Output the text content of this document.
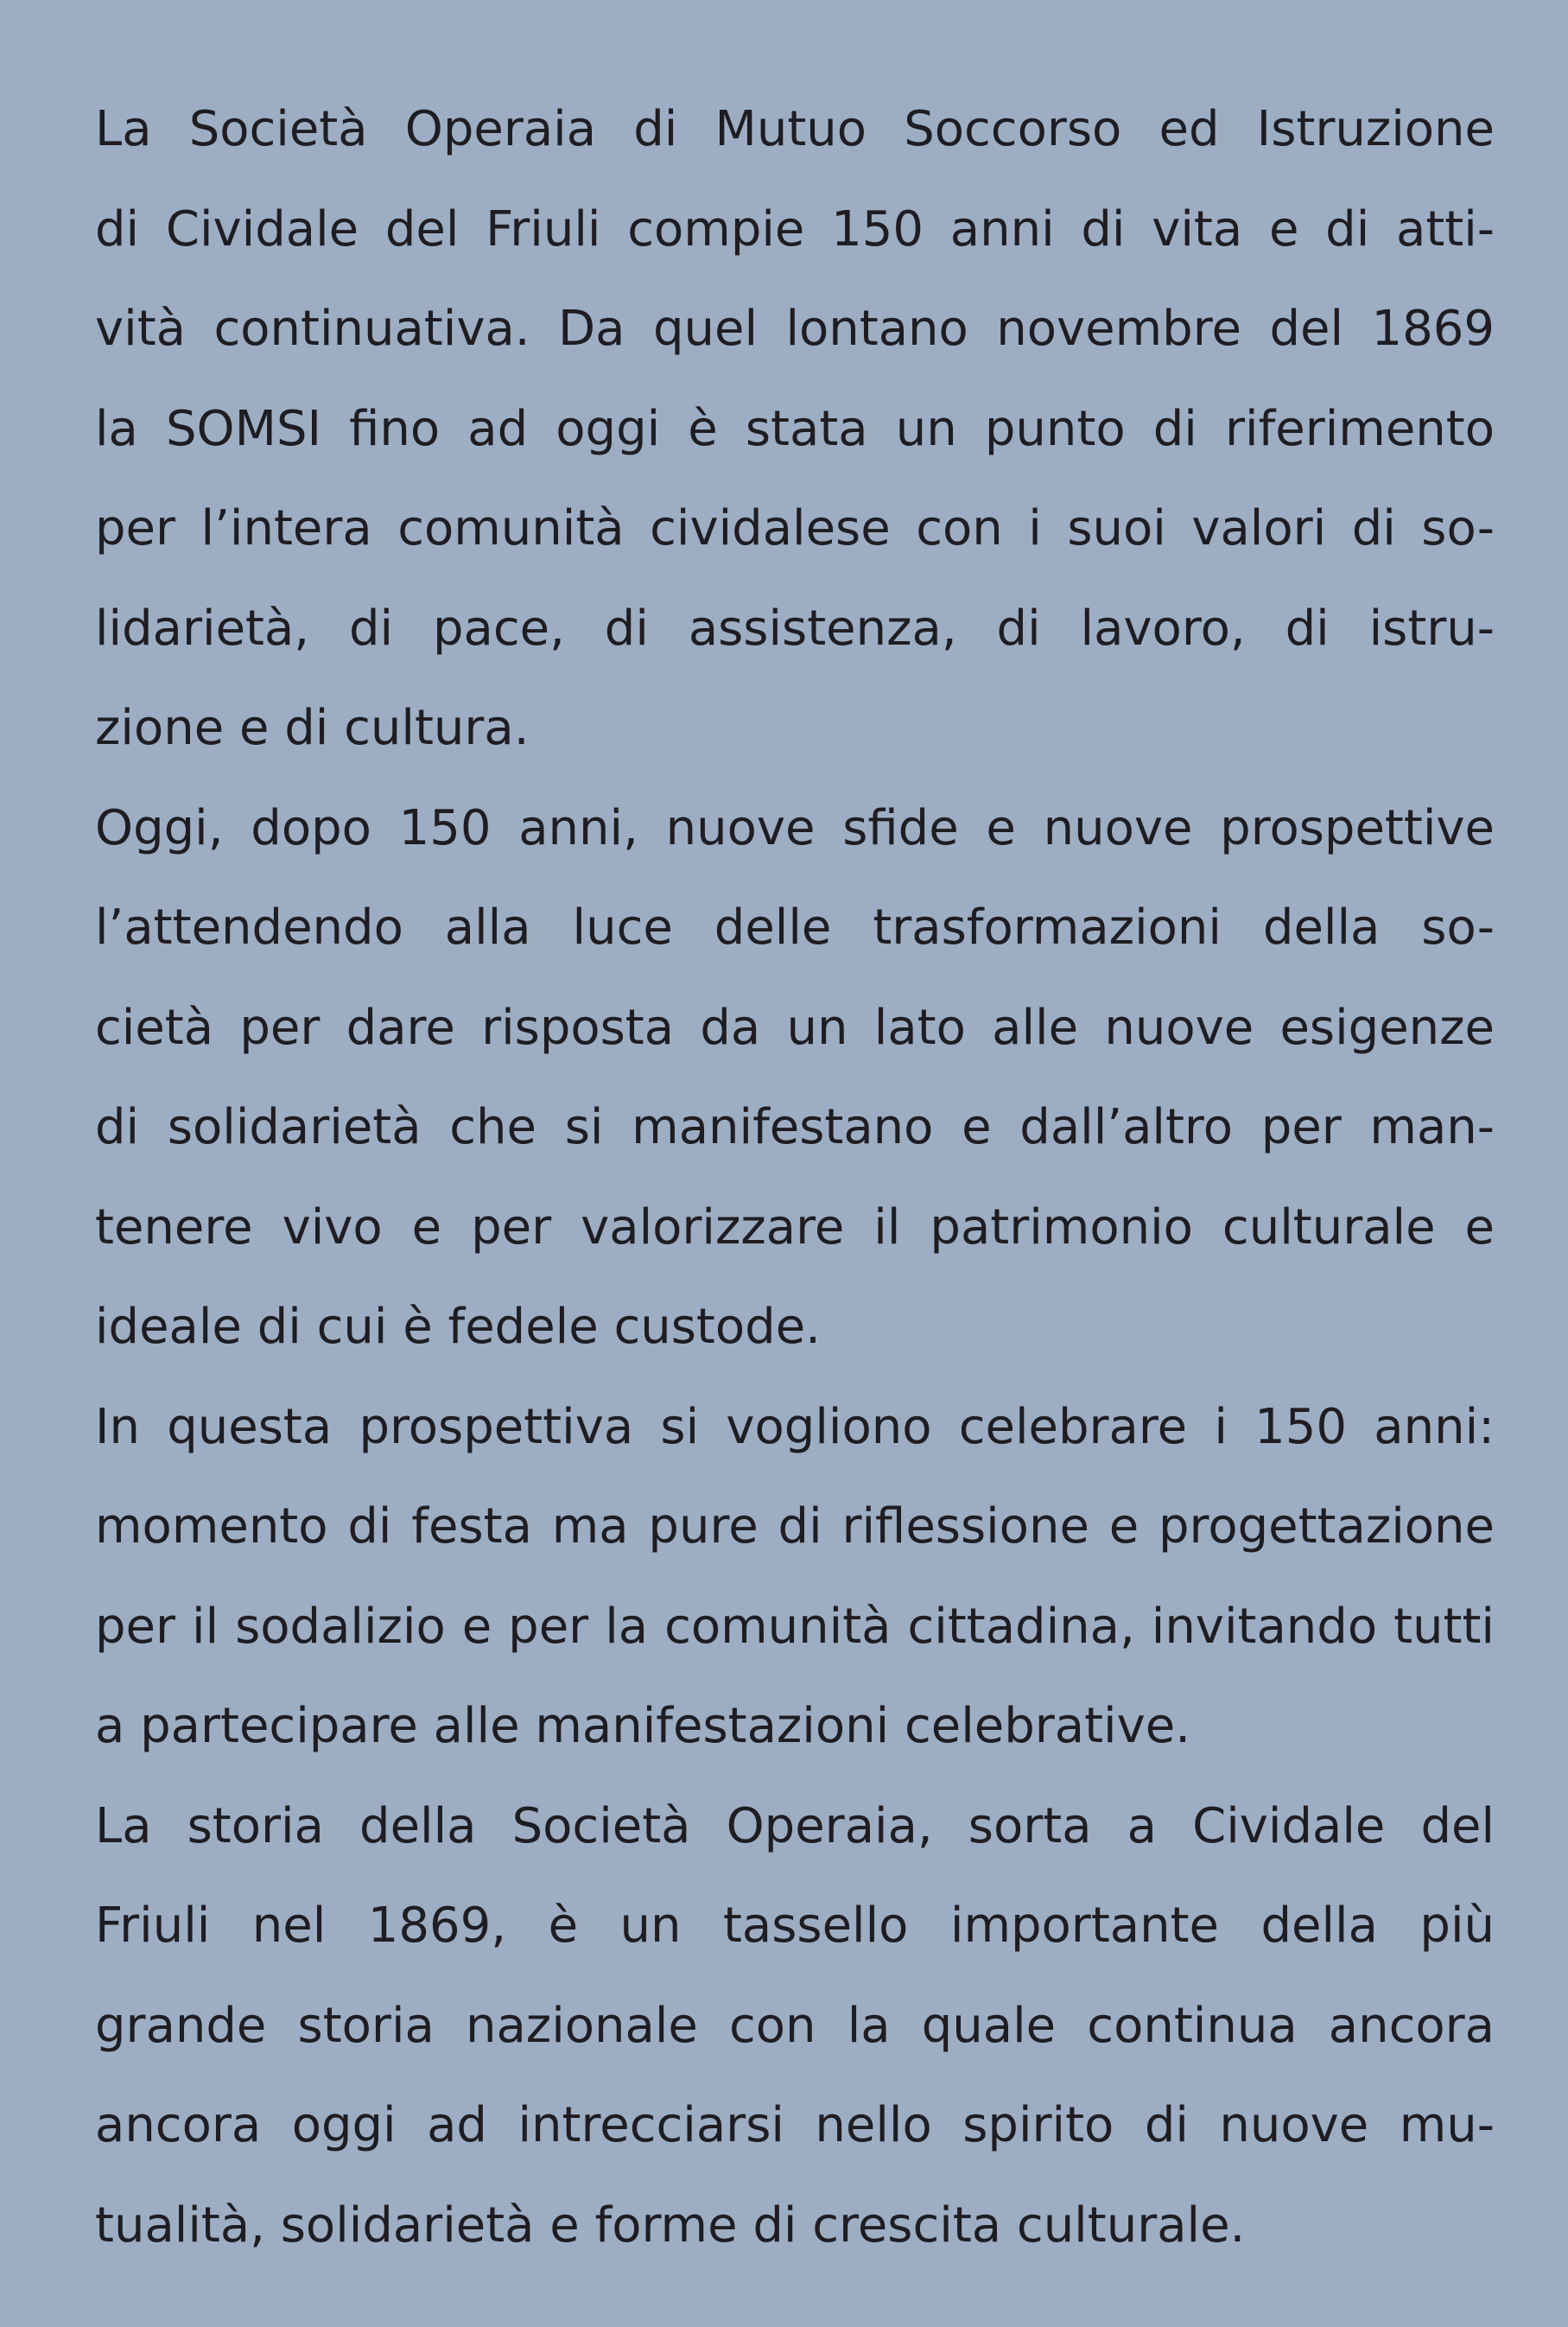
La Società Operaia di Mutuo Soccorso ed Istruzione
di Cividale del Friuli compie 150 anni di vita e di atti-
vità continuativa. Da quel lontano novembre del 1869
la SOMSI fino ad oggi è stata un punto di riferimento
per l’intera comunità cividalese con i suoi valori di so-
lidarietà, di pace, di assistenza, di lavoro, di istru-
zione e di cultura.
Oggi, dopo 150 anni, nuove sfide e nuove prospettive
l’attendendo alla luce delle trasformazioni della so-
cietà per dare risposta da un lato alle nuove esigenze
di solidarietà che si manifestano e dall’altro per man-
tenere vivo e per valorizzare il patrimonio culturale e
ideale di cui è fedele custode.
In questa prospettiva si vogliono celebrare i 150 anni:
momento di festa ma pure di riflessione e progettazione
per il sodalizio e per la comunità cittadina, invitando tutti
a partecipare alle manifestazioni celebrative.
La storia della Società Operaia, sorta a Cividale del
Friuli nel 1869, è un tassello importante della più
grande storia nazionale con la quale continua ancora
ancora oggi ad intrecciarsi nello spirito di nuove mu-
tualità, solidarietà e forme di crescita culturale.
